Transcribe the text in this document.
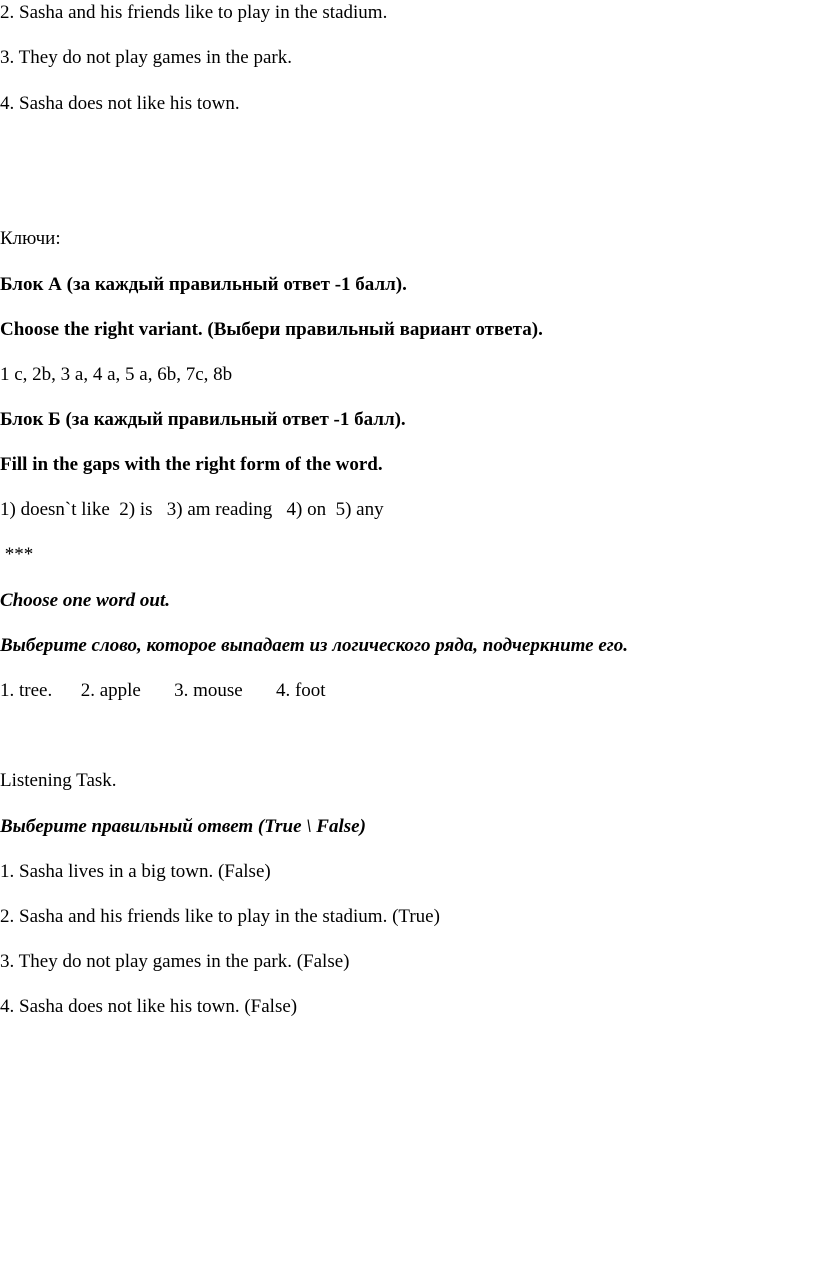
2. Sasha and his friends like to play in the stadium.
3. They do not play games in the park.
4. Sasha does not like his town.
Ключи:
Блок А (за каждый правильный ответ -1 балл).
Choose the right variant. (Выбери правильный вариант ответа).
1 c, 2b, 3 a, 4 a, 5 a, 6b, 7c, 8b
Блок Б (за каждый правильный ответ -1 балл).
Fill in the gaps with the right form of the word.
1) doesn`t like  2) is   3) am reading   4) on  5) any
***
Choose one word out.
Выберите слово, которое выпадает из логического ряда, подчеркните его.
1. tree.      2. apple       3. mouse       4. foot
Listening Task.
Выберите правильный ответ (True \ False)
1. Sasha lives in a big town. (False)
2. Sasha and his friends like to play in the stadium. (True)
3. They do not play games in the park. (False)
4. Sasha does not like his town. (False)
